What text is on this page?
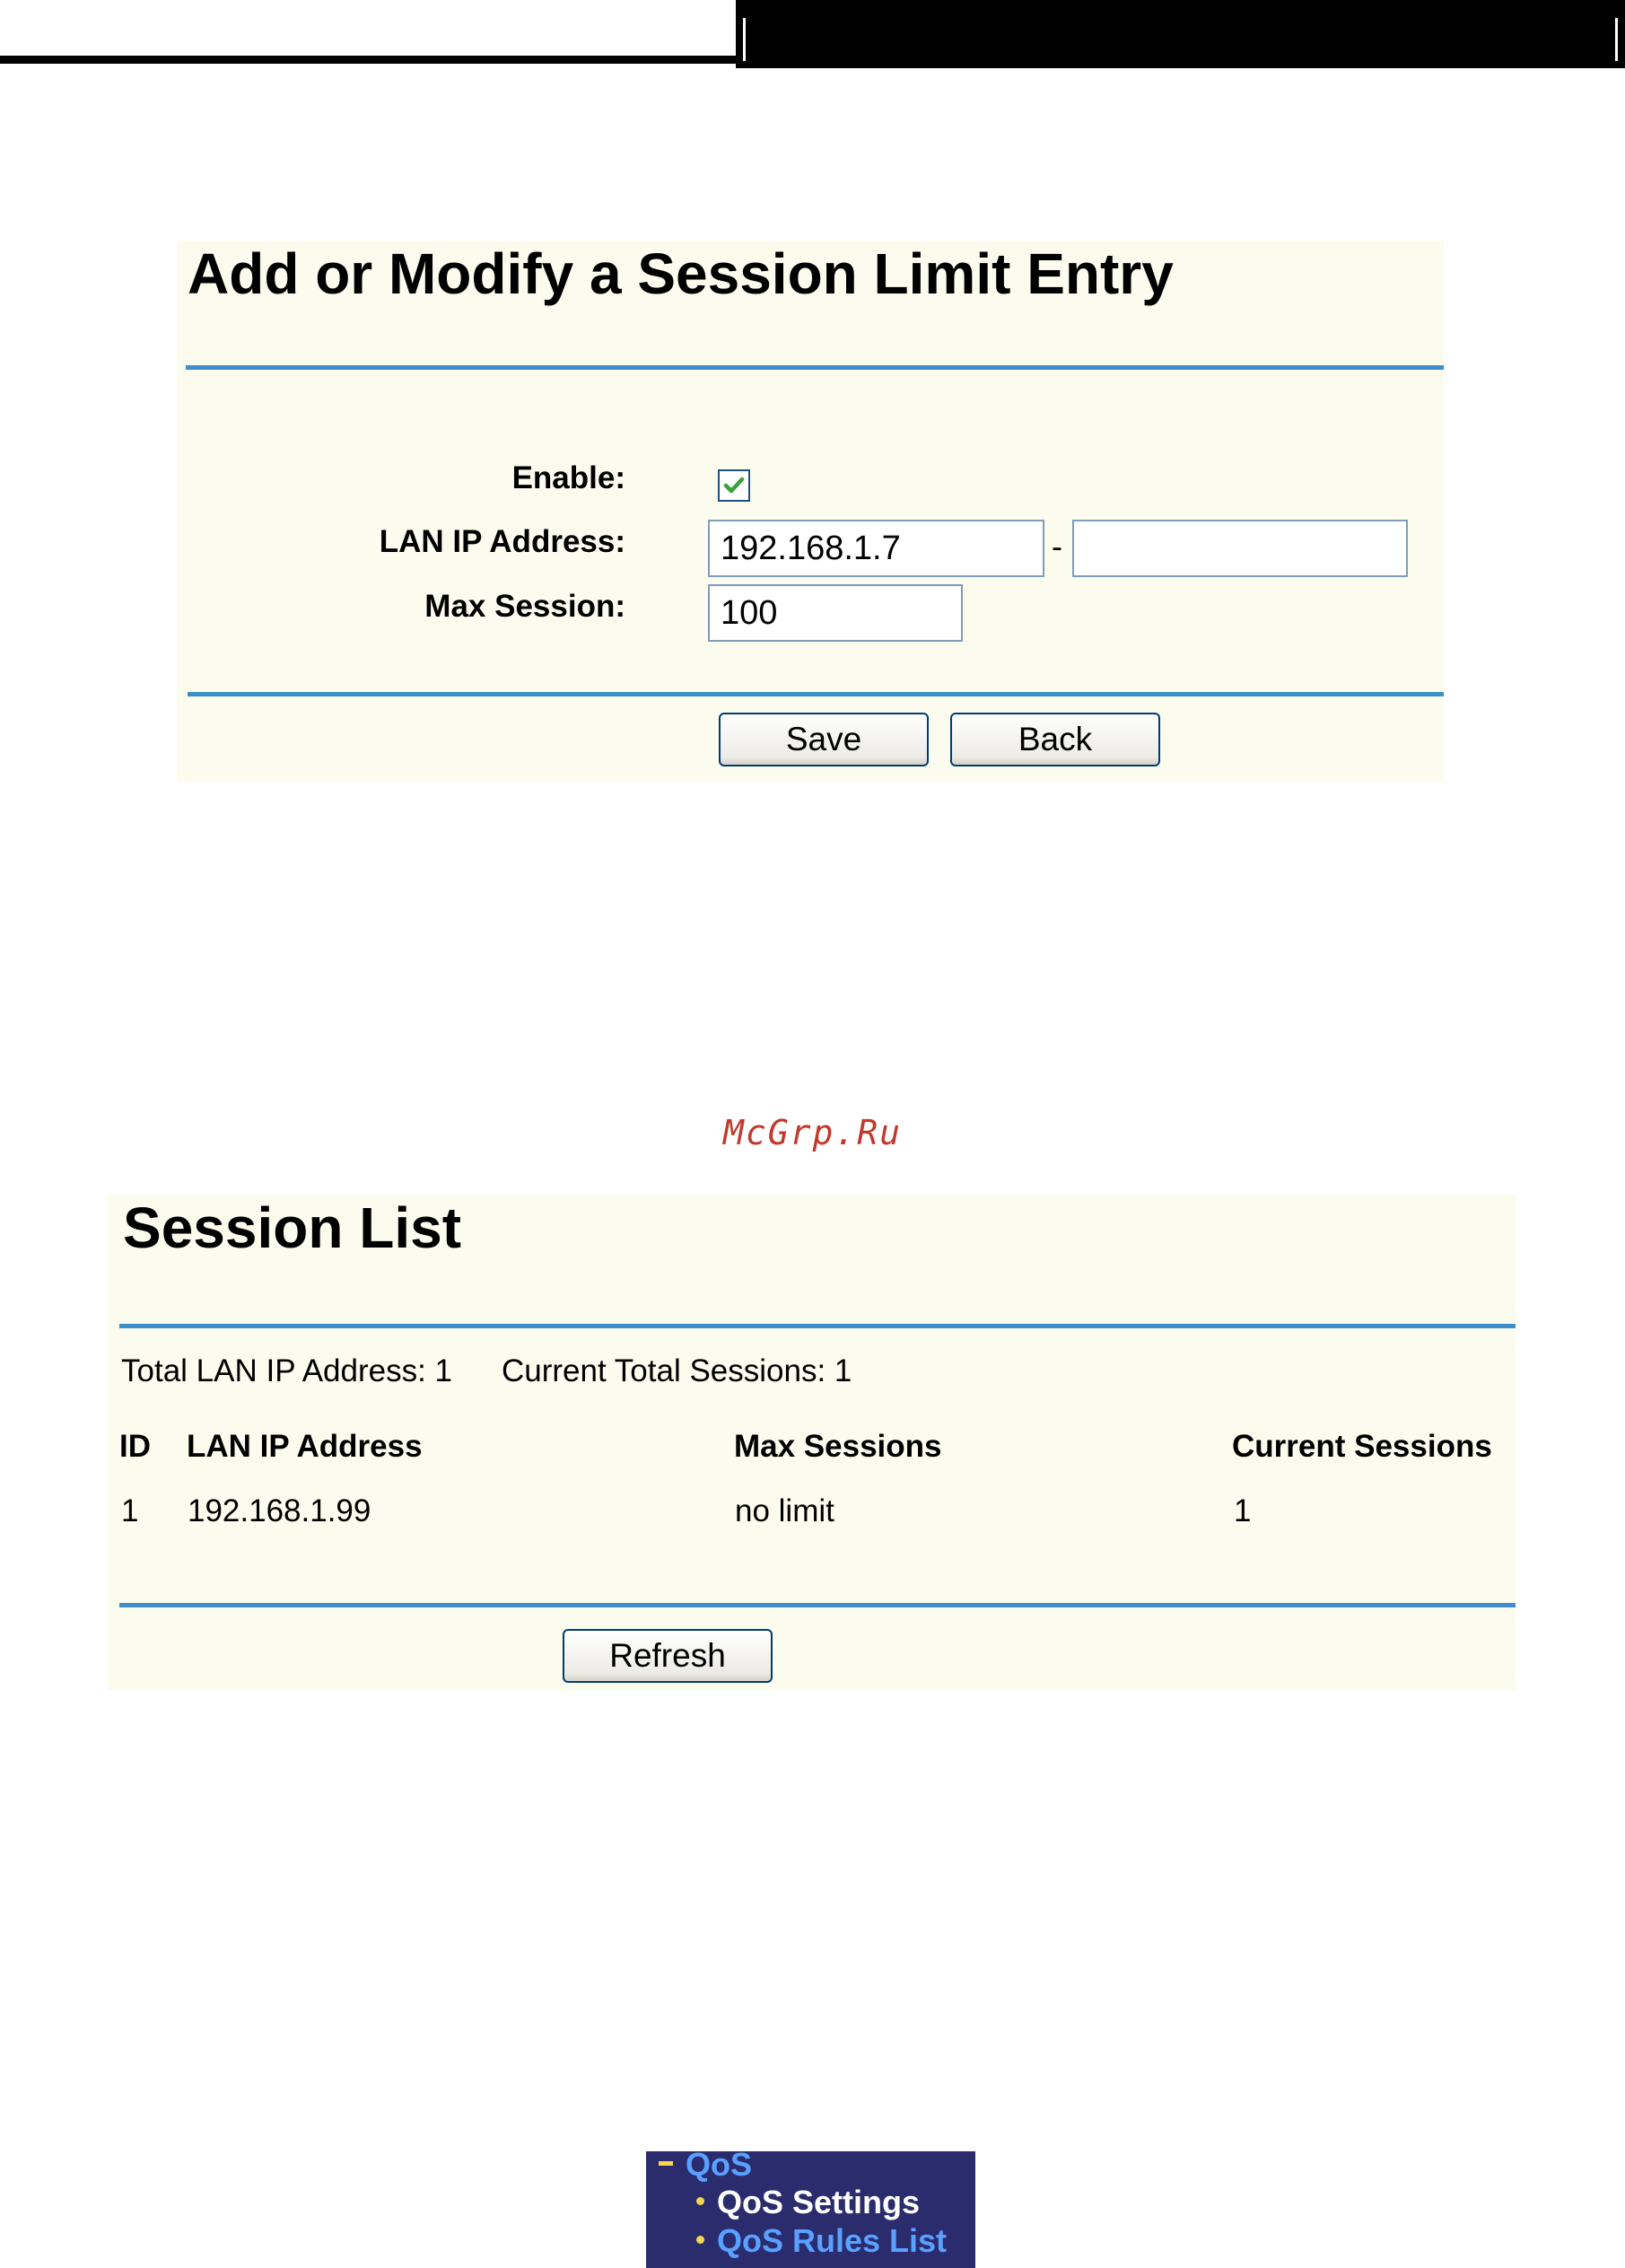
Add or Modify a Session Limit Entry
Enable:
LAN IP Address:
192.168.1.7	-
Max Session:
100
Save	Back
McGrp.Ru
Session List
Total LAN IP Address: 1 Current Total Sessions: 1
ID LAN IP Address	Max Sessions	Current Sessions
1 192.168.1.99	no limit	1
Refresh
QoS
QoS Settings
QoS Rules List
